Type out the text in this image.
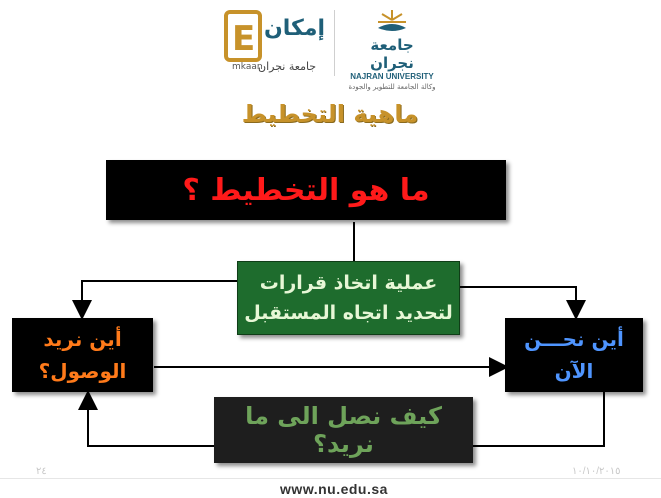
E إمكان
mkaan
جامعة نجران
جامعة نجران
NAJRAN UNIVERSITY
وكالة الجامعة للتطوير والجودة
ماهية التخطيط
ما هو التخطيط ؟
عملية اتخاذ قرارات
لتحديد اتجاه المستقبل
أين نريد
الوصول؟
أين نحـــن
الآن
كيف نصل الى ما نريد؟
٢٤	١٠/١٠/٢٠١٥
www.nu.edu.sa
